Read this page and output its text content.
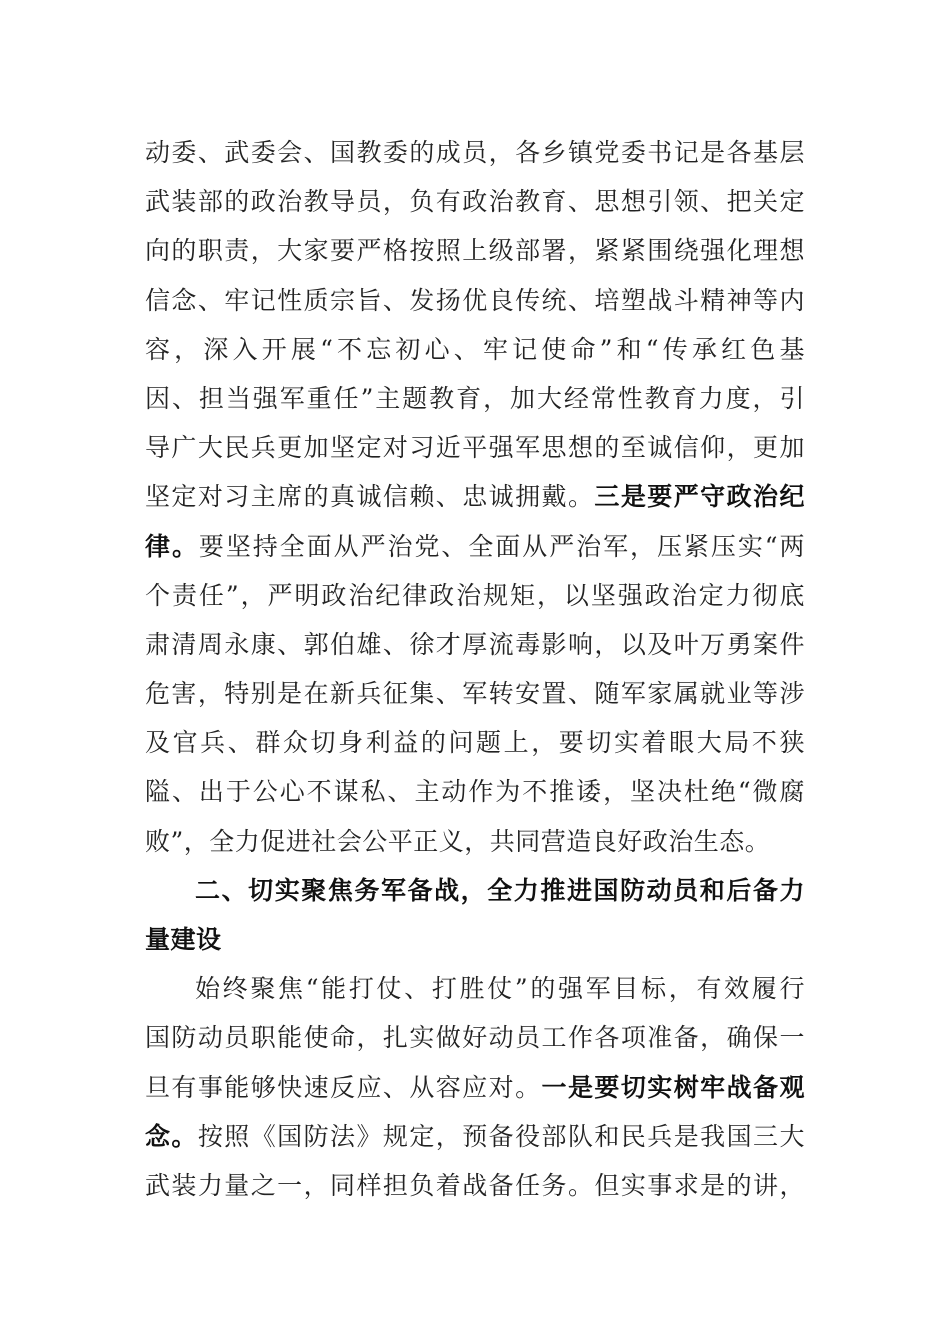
动委、武委会、国教委的成员，各乡镇党委书记是各基层
武装部的政治教导员，负有政治教育、思想引领、把关定
向的职责，大家要严格按照上级部署，紧紧围绕强化理想
信念、牢记性质宗旨、发扬优良传统、培塑战斗精神等内
容，深入开展“不忘初心、牢记使命”和“传承红色基
因、担当强军重任”主题教育，加大经常性教育力度，引
导广大民兵更加坚定对习近平强军思想的至诚信仰，更加
坚定对习主席的真诚信赖、忠诚拥戴。三是要严守政治纪
律。要坚持全面从严治党、全面从严治军，压紧压实“两
个责任”，严明政治纪律政治规矩，以坚强政治定力彻底
肃清周永康、郭伯雄、徐才厚流毒影响，以及叶万勇案件
危害，特别是在新兵征集、军转安置、随军家属就业等涉
及官兵、群众切身利益的问题上，要切实着眼大局不狭
隘、出于公心不谋私、主动作为不推诿，坚决杜绝“微腐
败”，全力促进社会公平正义，共同营造良好政治生态。
二、切实聚焦务军备战，全力推进国防动员和后备力
量建设
始终聚焦“能打仗、打胜仗”的强军目标，有效履行
国防动员职能使命，扎实做好动员工作各项准备，确保一
旦有事能够快速反应、从容应对。一是要切实树牢战备观
念。按照《国防法》规定，预备役部队和民兵是我国三大
武装力量之一，同样担负着战备任务。但实事求是的讲，
